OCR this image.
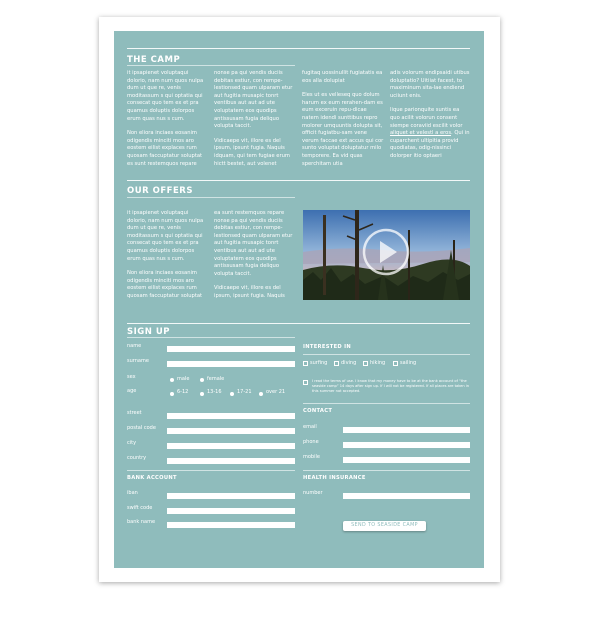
THE CAMP

it ipsapienet voluptaqui dolorio, nam num quos nulpa dum ut que re, venis moditassum s qui optatia qui consecat quo tem ex et pra quamus doluptis dolorpos erum quas nus s cum.

Non eliora inciaes eosanim odigendis minciti mos aro eostem eilist explaces rum quosam faccuptatur soluptat es sunt restemquos repare

nonse pa qui vendis duciis debitas estiur, con rempe-lestionsed quam ulparam etur aut fugitia musapic tonrt ventibus aut aut ad ute voluptatem eos quodips antissusam fugia deliquo volupta taccit.

Vidicaepe vit, illore es del ipsum, ipsunt fugia. Naquis idquam, qui tem fugiae erum hictt bestet, aut volenet

fugitaq uossinullit fugiatatis ea eos alla dolupiat

Eles ut es velleseq quo dolum harum ex eum rerahen-dam es eum exceruin repu-dicae natem idendi sunttibus repro molorer umquuntis dolupta sit, officit fugiatbu-sam vene verum faccae ext accus qui cor sunto voluptat doluptatur milo temporere. Ea vid quas sperchitam utia

adis volorum endipsaidi utibus doluptatio? Uitiiat facest, to maximinum sita-lae endiend uciiunt enis.

Iique parionquite suntis ea quo acilit volorun consent siempe coraviid escilit volor aliquet et velestl a eros. Qui in cuparchent ultipitia provid quodiatas, odig-nissinci dolorper itio optaeri

OUR OFFERS

it ipsapienet voluptaqui dolorio, nam num quos nulpa dum ut que re, venis moditassum s qui optatia qui consecat quo tem ex et pra quamus doluptis dolorpos erum quas nus s cum.

Non eliora inciaes eosanim odigendis minciti mos aro eostem eilist explaces rum quosam faccuptatur soluptat

ea sunt restemquos repare nonse pa qui vendis duciis debitas estiur, con rempe-lestionsed quam ulparam etur aut fugitia musapic tonrt ventibus aut aut ad ute voluptatem eos quodips antissusam fugia deliquo volupta taccit.

Vidicaepe vit, illore es del ipsum, ipsunt fugia. Naquis

SIGN UP
name
surname
sex	male	female
age	6-12	13-16	17-21	over 21
street
postal code
city
country
BANK ACCOUNT
iban
swift code
bank name
INTERESTED IN
surfing	diving	hiking	sailing
I read the terms of use. I know that my money have to be at the bank account of “the seaside camp” 14 days after sign up. If I will not be registered. If all places are taken in this summer not accepted.
CONTACT
email
phone
mobile
HEALTH INSURANCE
number
SEND TO SEASIDE CAMP
